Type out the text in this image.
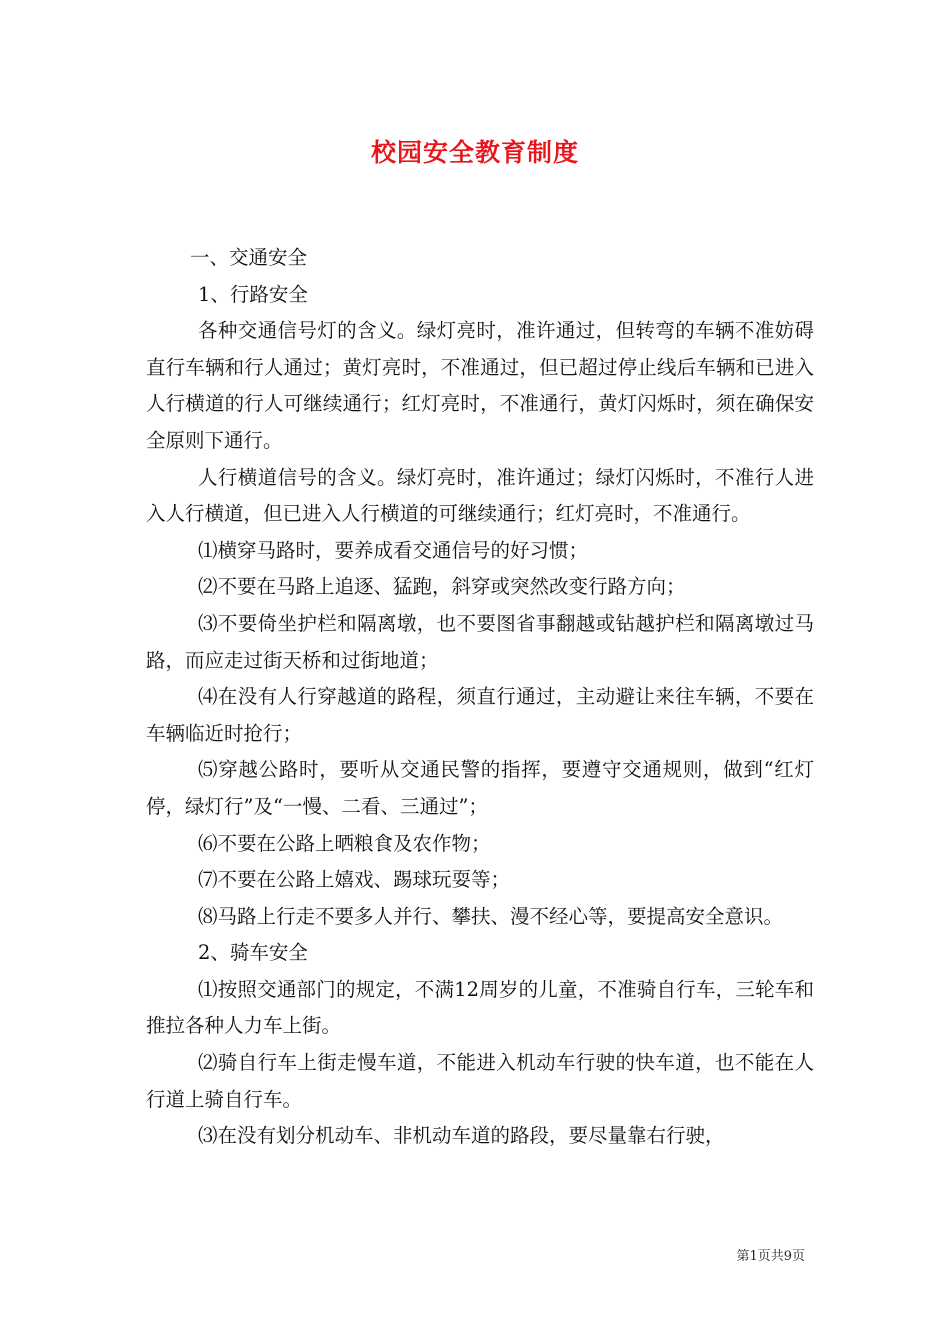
校园安全教育制度

一、交通安全

1、行路安全

各种交通信号灯的含义。绿灯亮时，准许通过，但转弯的车辆不准妨碍直行车辆和行人通过；黄灯亮时，不准通过，但已超过停止线后车辆和已进入人行横道的行人可继续通行；红灯亮时，不准通行，黄灯闪烁时，须在确保安全原则下通行。

人行横道信号的含义。绿灯亮时，准许通过；绿灯闪烁时，不准行人进入人行横道，但已进入人行横道的可继续通行；红灯亮时，不准通行。

⑴横穿马路时，要养成看交通信号的好习惯；

⑵不要在马路上追逐、猛跑，斜穿或突然改变行路方向；

⑶不要倚坐护栏和隔离墩，也不要图省事翻越或钻越护栏和隔离墩过马路，而应走过街天桥和过街地道；

⑷在没有人行穿越道的路程，须直行通过，主动避让来往车辆，不要在车辆临近时抢行；

⑸穿越公路时，要听从交通民警的指挥，要遵守交通规则，做到“红灯停，绿灯行”及“一慢、二看、三通过”；

⑹不要在公路上晒粮食及农作物；

⑺不要在公路上嬉戏、踢球玩耍等；

⑻马路上行走不要多人并行、攀扶、漫不经心等，要提高安全意识。

2、骑车安全

⑴按照交通部门的规定，不满12周岁的儿童，不准骑自行车，三轮车和推拉各种人力车上街。

⑵骑自行车上街走慢车道，不能进入机动车行驶的快车道，也不能在人行道上骑自行车。

⑶在没有划分机动车、非机动车道的路段，要尽量靠右行驶，

第1页共9页
